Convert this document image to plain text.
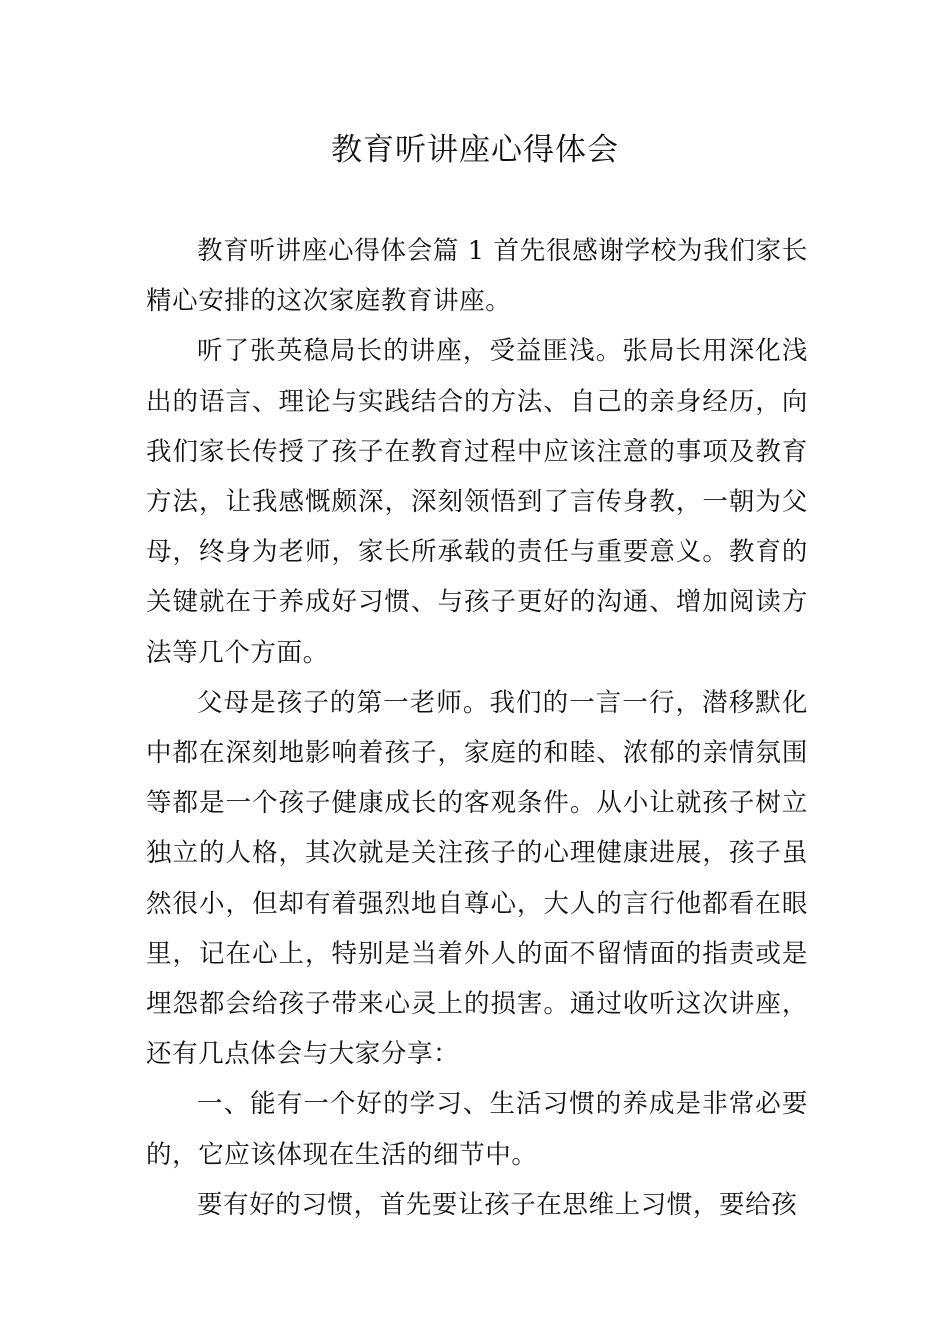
教育听讲座心得体会

教育听讲座心得体会篇 1 首先很感谢学校为我们家长精心安排的这次家庭教育讲座。

听了张英稳局长的讲座，受益匪浅。张局长用深化浅出的语言、理论与实践结合的方法、自己的亲身经历，向我们家长传授了孩子在教育过程中应该注意的事项及教育方法，让我感慨颇深，深刻领悟到了言传身教，一朝为父母，终身为老师，家长所承载的责任与重要意义。教育的关键就在于养成好习惯、与孩子更好的沟通、增加阅读方法等几个方面。

父母是孩子的第一老师。我们的一言一行，潜移默化中都在深刻地影响着孩子，家庭的和睦、浓郁的亲情氛围等都是一个孩子健康成长的客观条件。从小让就孩子树立独立的人格，其次就是关注孩子的心理健康进展，孩子虽然很小，但却有着强烈地自尊心，大人的言行他都看在眼里，记在心上，特别是当着外人的面不留情面的指责或是埋怨都会给孩子带来心灵上的损害。通过收听这次讲座，还有几点体会与大家分享：

一、能有一个好的学习、生活习惯的养成是非常必要的，它应该体现在生活的细节中。

要有好的习惯，首先要让孩子在思维上习惯，要给孩
